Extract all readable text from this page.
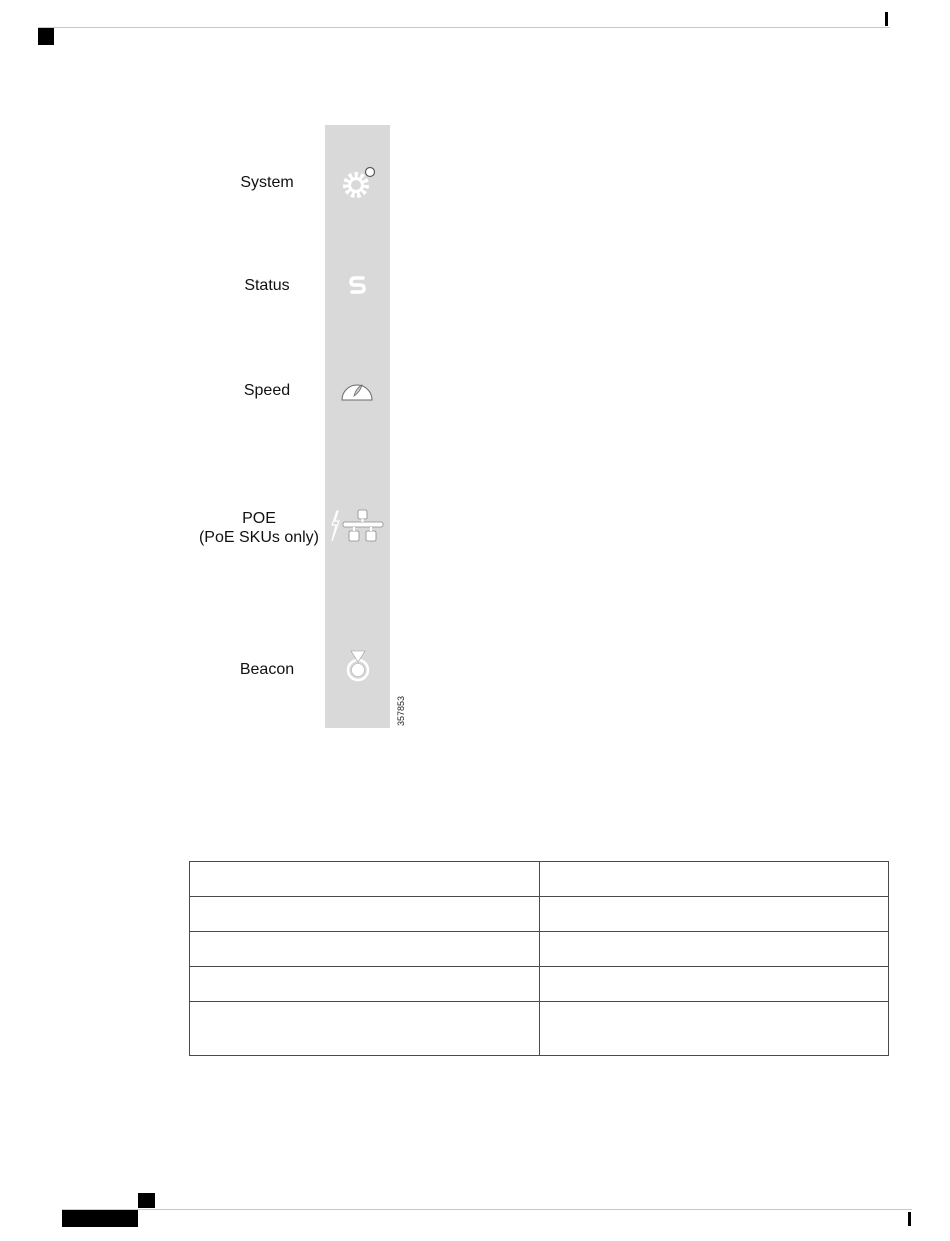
System
Status
Speed
POE
(PoE SKUs only)
Beacon
357853
